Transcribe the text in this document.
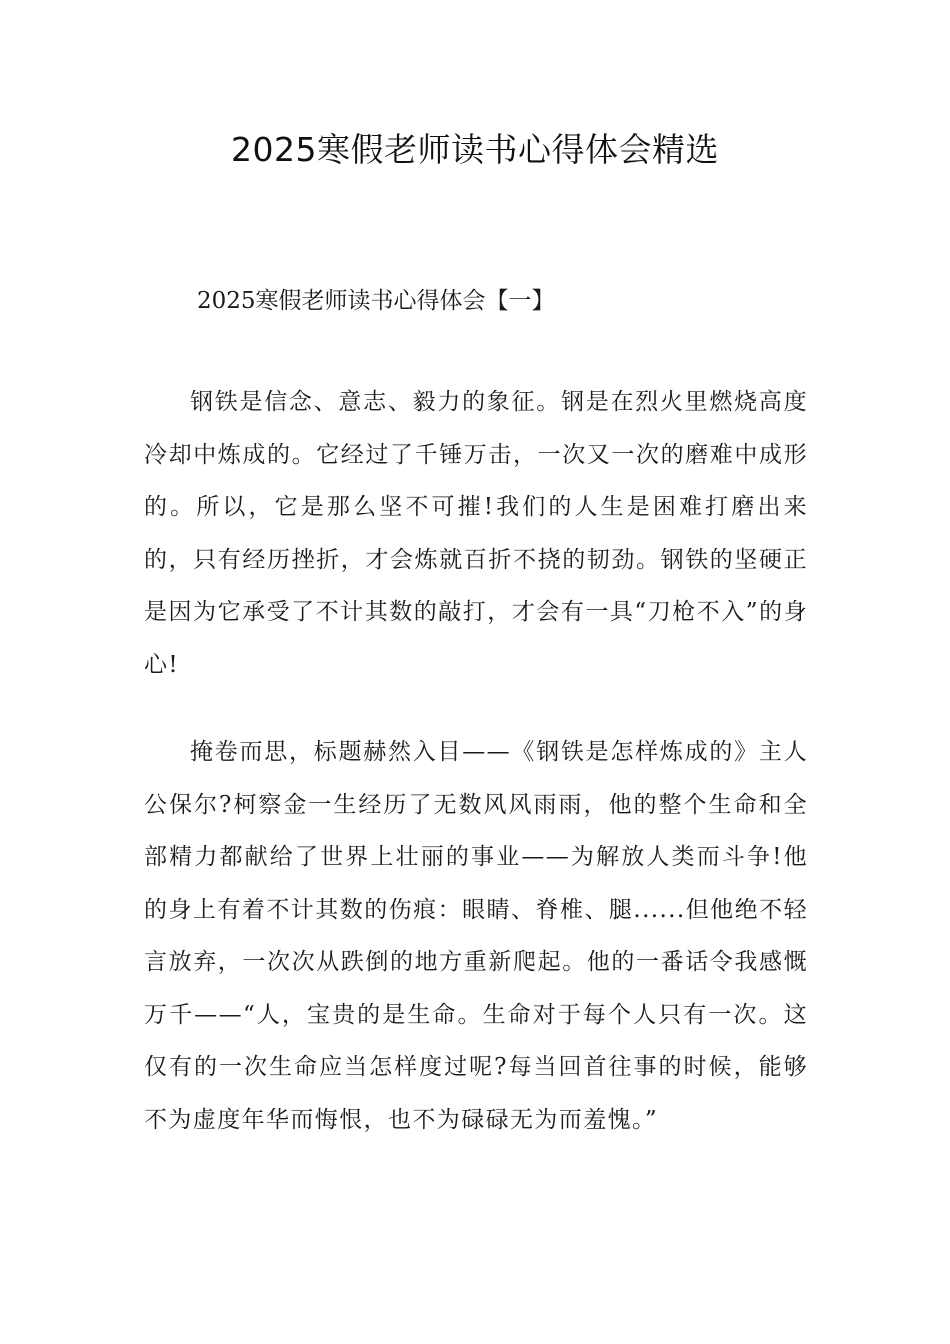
2025寒假老师读书心得体会精选
2025寒假老师读书心得体会【一】

钢铁是信念、意志、毅力的象征。钢是在烈火里燃烧高度冷却中炼成的。它经过了千锤万击，一次又一次的磨难中成形的。所以，它是那么坚不可摧!我们的人生是困难打磨出来的，只有经历挫折，才会炼就百折不挠的韧劲。钢铁的坚硬正是因为它承受了不计其数的敲打，才会有一具“刀枪不入”的身心!

掩卷而思，标题赫然入目——《钢铁是怎样炼成的》主人公保尔?柯察金一生经历了无数风风雨雨，他的整个生命和全部精力都献给了世界上壮丽的事业——为解放人类而斗争!他的身上有着不计其数的伤痕：眼睛、脊椎、腿......但他绝不轻言放弃，一次次从跌倒的地方重新爬起。他的一番话令我感慨万千——“人，宝贵的是生命。生命对于每个人只有一次。这仅有的一次生命应当怎样度过呢?每当回首往事的时候，能够不为虚度年华而悔恨，也不为碌碌无为而羞愧。”
